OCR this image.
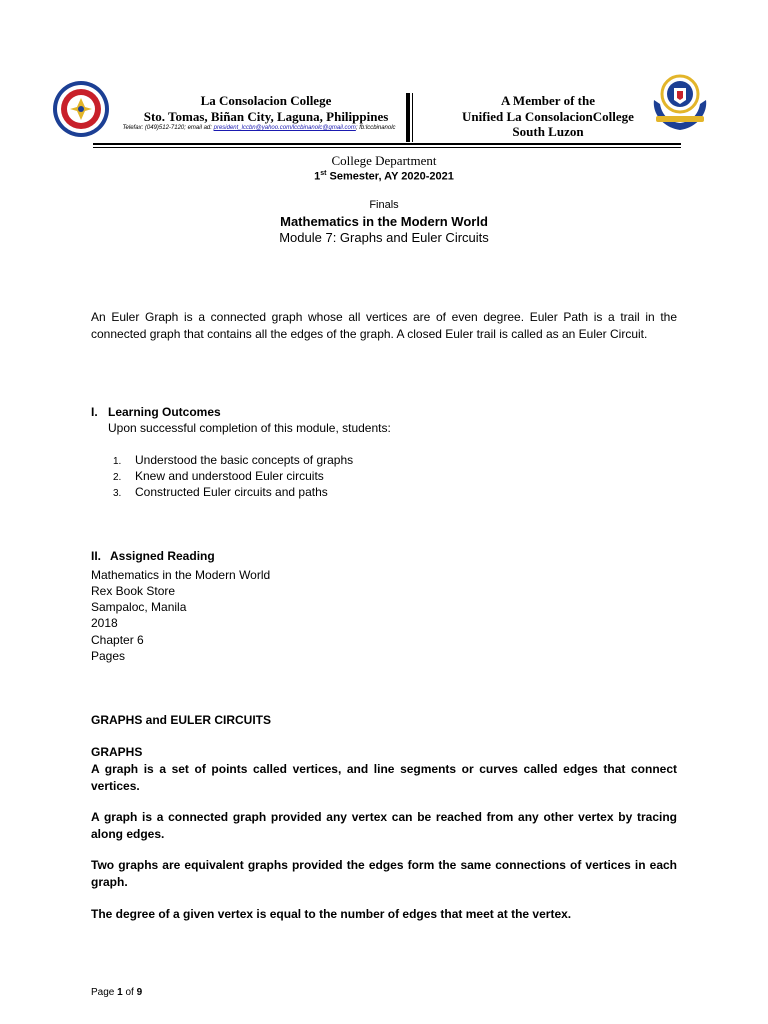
La Consolacion College
Sto. Tomas, Biñan City, Laguna, Philippines
Telefax: (049)512-7120; email ad: president_lccbn@yahoo.com/lccbinanolc@gmail.com; fb:lccbinanolc
A Member of the
Unified La ConsolacionCollege
South Luzon
College Department
1st Semester, AY 2020-2021
Finals
Mathematics in the Modern World
Module 7: Graphs and Euler Circuits
An Euler Graph is a connected graph whose all vertices are of even degree. Euler Path is a trail in the connected graph that contains all the edges of the graph. A closed Euler trail is called as an Euler Circuit.
I. Learning Outcomes
Upon successful completion of this module, students:
1. Understood the basic concepts of graphs
2. Knew and understood Euler circuits
3. Constructed Euler circuits and paths
II. Assigned Reading
Mathematics in the Modern World
Rex Book Store
Sampaloc, Manila
2018
Chapter 6
Pages
GRAPHS and EULER CIRCUITS
GRAPHS
A graph is a set of points called vertices, and line segments or curves called edges that connect vertices.
A graph is a connected graph provided any vertex can be reached from any other vertex by tracing along edges.
Two graphs are equivalent graphs provided the edges form the same connections of vertices in each graph.
The degree of a given vertex is equal to the number of edges that meet at the vertex.
Page 1 of 9
